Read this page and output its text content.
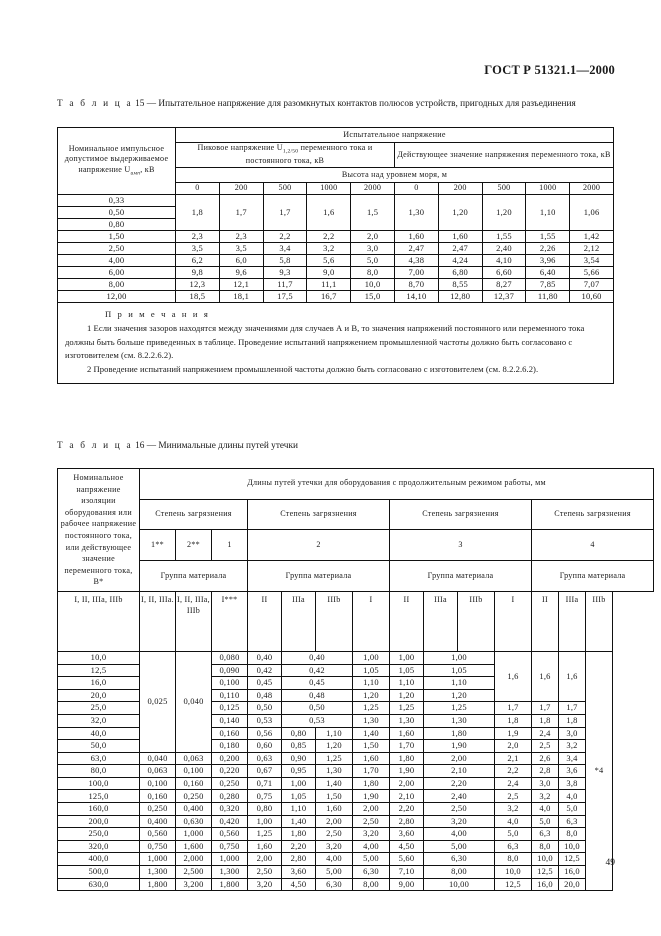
ГОСТ Р 51321.1—2000
Т а б л и ц а 15 — Ипытательное напряжение для разомкнутых контактов полюсов устройств, пригодных для разъединения
Номинальное импульсное допустимое выдерживаемое напряжение $U_{имп}$, кВ	Испытательное напряжение									
	Пиковое напряжение $U_{1,2/50}$ переменного тока и постоянного тока, кВ					Действующее значение напряжения переменного тока, кВ				
	Высота над уровнем моря, м									
	0	200	500	1000	2000	0	200	500	1000	2000
0,33	1,8	1,7	1,7	1,6	1,5	1,30	1,20	1,20	1,10	1,06
0,50										
0,80										
1,50	2,3	2,3	2,2	2,2	2,0	1,60	1,60	1,55	1,55	1,42
2,50	3,5	3,5	3,4	3,2	3,0	2,47	2,47	2,40	2,26	2,12
4,00	6,2	6,0	5,8	5,6	5,0	4,38	4,24	4,10	3,96	3,54
6,00	9,8	9,6	9,3	9,0	8,0	7,00	6,80	6,60	6,40	5,66
8,00	12,3	12,1	11,7	11,1	10,0	8,70	8,55	8,27	7,85	7,07
12,00	18,5	18,1	17,5	16,7	15,0	14,10	12,80	12,37	11,80	10,60

П р и м е ч а н и я

1 Если значения зазоров находятся между значениями для случаев А и В, то значения напряжений постоянного или переменного тока должны быть больше приведенных в таблице. Проведение испытаний напряжением промышленной частоты должно быть согласовано с изготовителем (см. 8.2.2.6.2).

2 Проведение испытаний напряжением промышленной частоты должно быть согласовано с изготовителем (см. 8.2.2.6.2).										

Т а б л и ц а 16 — Минимальные длины путей утечки
Номинальное напряжение изоляции оборудования или рабочее напряжение постоянного тока, или действующее значение переменного тока, В*	Длины путей утечки для оборудования с продолжительным режимом работы, мм													
	Степень загрязнения			Степень загрязнения				Степень загрязнения				Степень загрязнения		
	1**	2**	1	2				3				4		
	Группа материала			Группа материала				Группа материала				Группа материала		
I, II, IIIa, IIIb	I, II, IIIa.	I, II, IIIa, IIIb	I***	II	IIIa	IIIb	I	II	IIIa	IIIb	I	II	IIIa	IIIb
10,0	0,025	0,040	0,080	0,40	0,40		1,00	1,00	1,00		1,6	1,6	1,6	*4
12,5			0,090	0,42	0,42		1,05	1,05	1,05					
16,0			0,100	0,45	0,45		1,10	1,10	1,10					
20,0			0,110	0,48	0,48		1,20	1,20	1,20					
25,0			0,125	0,50	0,50		1,25	1,25	1,25		1,7	1,7	1,7	
32,0			0,140	0,53	0,53		1,30	1,30	1,30		1,8	1,8	1,8	
40,0			0,160	0,56	0,80	1,10	1,40	1,60	1,80		1,9	2,4	3,0	
50,0			0,180	0,60	0,85	1,20	1,50	1,70	1,90		2,0	2,5	3,2	
63,0	0,040	0,063	0,200	0,63	0,90	1,25	1,60	1,80	2,00		2,1	2,6	3,4	
80,0	0,063	0,100	0,220	0,67	0,95	1,30	1,70	1,90	2,10		2,2	2,8	3,6	
100,0	0,100	0,160	0,250	0,71	1,00	1,40	1,80	2,00	2,20		2,4	3,0	3,8	
125,0	0,160	0,250	0,280	0,75	1,05	1,50	1,90	2,10	2,40		2,5	3,2	4,0	
160,0	0,250	0,400	0,320	0,80	1,10	1,60	2,00	2,20	2,50		3,2	4,0	5,0	
200,0	0,400	0,630	0,420	1,00	1,40	2,00	2,50	2,80	3,20		4,0	5,0	6,3	
250,0	0,560	1,000	0,560	1,25	1,80	2,50	3,20	3,60	4,00		5,0	6,3	8,0	
320,0	0,750	1,600	0,750	1,60	2,20	3,20	4,00	4,50	5,00		6,3	8,0	10,0	
400,0	1,000	2,000	1,000	2,00	2,80	4,00	5,00	5,60	6,30		8,0	10,0	12,5	
500,0	1,300	2,500	1,300	2,50	3,60	5,00	6,30	7,10	8,00		10,0	12,5	16,0	
630,0	1,800	3,200	1,800	3,20	4,50	6,30	8,00	9,00	10,00		12,5	16,0	20,0	
49
